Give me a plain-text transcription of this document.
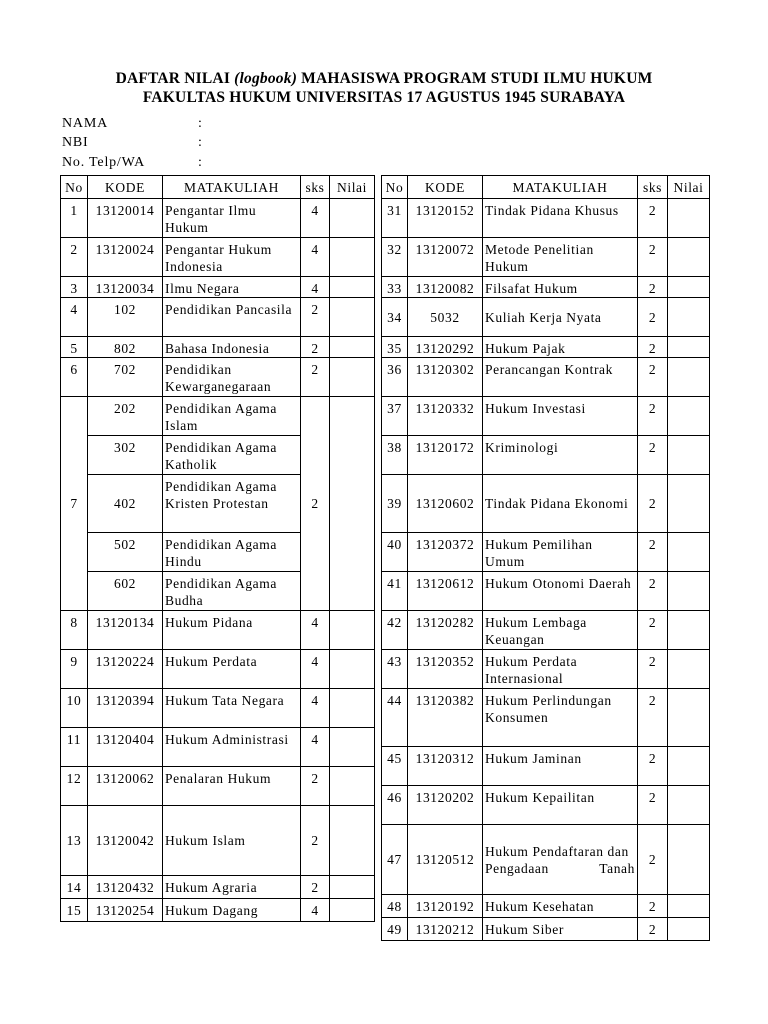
DAFTAR NILAI (logbook) MAHASISWA PROGRAM STUDI ILMU HUKUM
FAKULTAS HUKUM UNIVERSITAS 17 AGUSTUS 1945 SURABAYA
NAMA	:
NBI	:
No. Telp/WA	:
No	KODE	MATAKULIAH	sks	Nilai
1	13120014	Pengantar Ilmu Hukum	4	
2	13120024	Pengantar Hukum Indonesia	4	
3	13120034	Ilmu Negara	4	
4	102	Pendidikan Pancasila	2	
5	802	Bahasa Indonesia	2	
6	702	Pendidikan Kewarganegaraan	2	
7	202	Pendidikan Agama Islam	2	
	302	Pendidikan Agama Katholik		
	402	Pendidikan Agama Kristen Protestan		
	502	Pendidikan Agama Hindu		
	602	Pendidikan Agama Budha		
8	13120134	Hukum Pidana	4	
9	13120224	Hukum Perdata	4	
10	13120394	Hukum Tata Negara	4	
11	13120404	Hukum Administrasi	4	
12	13120062	Penalaran Hukum	2	
13	13120042	Hukum Islam	2	
14	13120432	Hukum Agraria	2	
15	13120254	Hukum Dagang	4	
No	KODE	MATAKULIAH	sks	Nilai
31	13120152	Tindak Pidana Khusus	2	
32	13120072	Metode Penelitian Hukum	2	
33	13120082	Filsafat Hukum	2	
34	5032	Kuliah Kerja Nyata	2	
35	13120292	Hukum Pajak	2	
36	13120302	Perancangan Kontrak	2	
37	13120332	Hukum Investasi	2	
38	13120172	Kriminologi	2	
39	13120602	Tindak Pidana Ekonomi	2	
40	13120372	Hukum Pemilihan Umum	2	
41	13120612	Hukum Otonomi Daerah	2	
42	13120282	Hukum Lembaga Keuangan	2	
43	13120352	Hukum Perdata Internasional	2	
44	13120382	Hukum Perlindungan Konsumen	2	
45	13120312	Hukum Jaminan	2	
46	13120202	Hukum Kepailitan	2	
47	13120512	Hukum Pendaftaran dan Pengadaan Tanah	2	
48	13120192	Hukum Kesehatan	2	
49	13120212	Hukum Siber	2	
